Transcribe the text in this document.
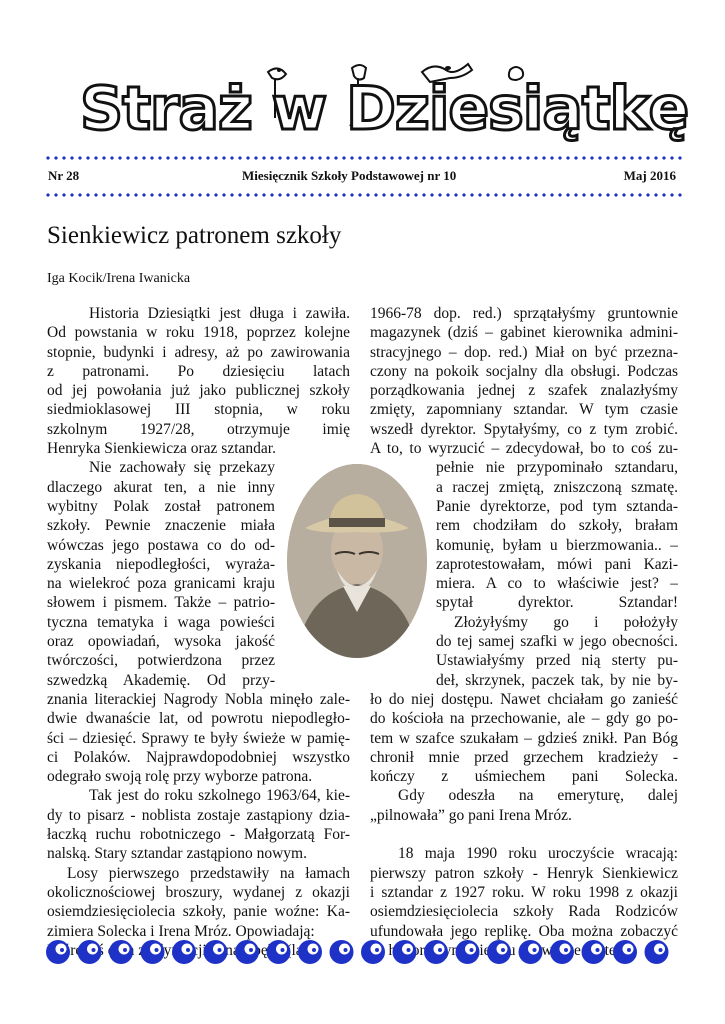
Straż w Dziesiątkę
Nr 28	Miesięcznik Szkoły Podstawowej nr 10	Maj 2016
Sienkiewicz patronem szkoły
Iga Kocik/Irena Iwanicka
Historia Dziesiątki jest długa i zawiła.
Od powstania w roku 1918, poprzez kolejne
stopnie, budynki i adresy, aż po zawirowania
z patronami. Po dziesięciu latach
od jej powołania już jako publicznej szkoły
siedmioklasowej III stopnia, w roku
szkolnym 1927/28, otrzymuje imię
Henryka Sienkiewicza oraz sztandar.
Nie zachowały się przekazy
dlaczego akurat ten, a nie inny
wybitny Polak został patronem
szkoły. Pewnie znaczenie miała
wówczas jego postawa co do od-
zyskania niepodległości, wyraża-
na wielekroć poza granicami kraju
słowem i pismem. Także – patrio-
tyczna tematyka i waga powieści
oraz opowiadań, wysoka jakość
twórczości, potwierdzona przez
szwedzką Akademię. Od przy-
znania literackiej Nagrody Nobla minęło zale-
dwie dwanaście lat, od powrotu niepodległo-
ści – dziesięć. Sprawy te były świeże w pamię-
ci Polaków. Najprawdopodobniej wszystko
odegrało swoją rolę przy wyborze patrona.
Tak jest do roku szkolnego 1963/64, kie-
dy to pisarz - noblista zostaje zastąpiony dzia-
łaczką ruchu robotniczego - Małgorzatą For-
nalską. Stary sztandar zastąpiono nowym.
Losy pierwszego przedstawiły na łamach
okolicznościowej broszury, wydanej z okazji
osiemdziesięciolecia szkoły, panie woźne: Ka-
zimiera Solecka i Irena Mróz. Opowiadają:
Któregoś Zbęka
1966-78 dop. red.) sprzątałyśmy gruntownie
magazynek (dziś – gabinet kierownika admini-
stracyjnego – dop. red.) Miał on być przezna-
czony na pokoik socjalny dla obsługi. Podczas
porządkowania jednej z szafek znalazłyśmy
zmięty, zapomniany sztandar. W tym czasie
wszedł dyrektor. Spytałyśmy, co z tym zrobić.
A to, to wyrzucić – zdecydował, bo to coś zu-
pełnie nie przypominało sztandaru,
a raczej zmiętą, zniszczoną szmatę.
Panie dyrektorze, pod tym sztanda-
rem chodziłam do szkoły, brałam
komunię, byłam u bierzmowania.. –
zaprotestowałam, mówi pani Kazi-
miera. A co to właściwie jest? –
spytał dyrektor. Sztandar!
Złożyłyśmy go i położyły
do tej samej szafki w jego obecności.
Ustawiałyśmy przed nią sterty pu-
deł, skrzynek, paczek tak, by nie by-
ło do niej dostępu. Nawet chciałam go zanieść
do kościoła na przechowanie, ale – gdy go po-
tem w szafce szukałam – gdzieś znikł. Pan Bóg
chronił mnie przed grzechem kradzieży -
kończy z uśmiechem pani Solecka.
Gdy odeszła na emeryturę, dalej
„pilnowała” go pani Irena Mróz.

18 maja 1990 roku uroczyście wracają:
pierwszy patron szkoły - Henryk Sienkiewicz
i sztandar z 1927 roku. W roku 1998 z okazji
osiemdziesięciolecia szkoły Rada Rodziców
ufundowała jego replikę. Oba można zobaczyć
parteru
